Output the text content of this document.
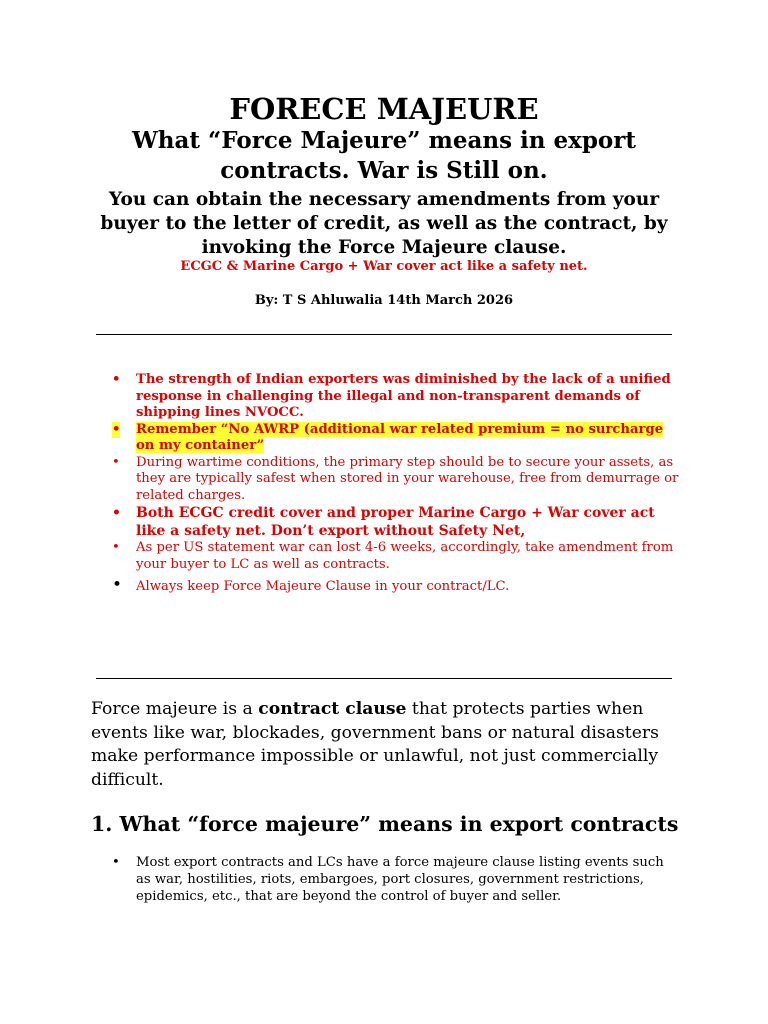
FORECE MAJEURE
What “Force Majeure” means in export contracts. War is Still on.
You can obtain the necessary amendments from your buyer to the letter of credit, as well as the contract, by invoking the Force Majeure clause.
ECGC & Marine Cargo + War cover act like a safety net.
By: T S Ahluwalia 14th March 2026
• The strength of Indian exporters was diminished by the lack of a unified response in challenging the illegal and non-transparent demands of shipping lines NVOCC.
• Remember “No AWRP (additional war related premium = no surcharge on my container”
• During wartime conditions, the primary step should be to secure your assets, as they are typically safest when stored in your warehouse, free from demurrage or related charges.
• Both ECGC credit cover and proper Marine Cargo + War cover act like a safety net. Don’t export without Safety Net,
• As per US statement war can lost 4-6 weeks, accordingly, take amendment from your buyer to LC as well as contracts.
• Always keep Force Majeure Clause in your contract/LC.
Force majeure is a contract clause that protects parties when events like war, blockades, government bans or natural disasters make performance impossible or unlawful, not just commercially difficult.
1. What “force majeure” means in export contracts
• Most export contracts and LCs have a force majeure clause listing events such as war, hostilities, riots, embargoes, port closures, government restrictions, epidemics, etc., that are beyond the control of buyer and seller.
